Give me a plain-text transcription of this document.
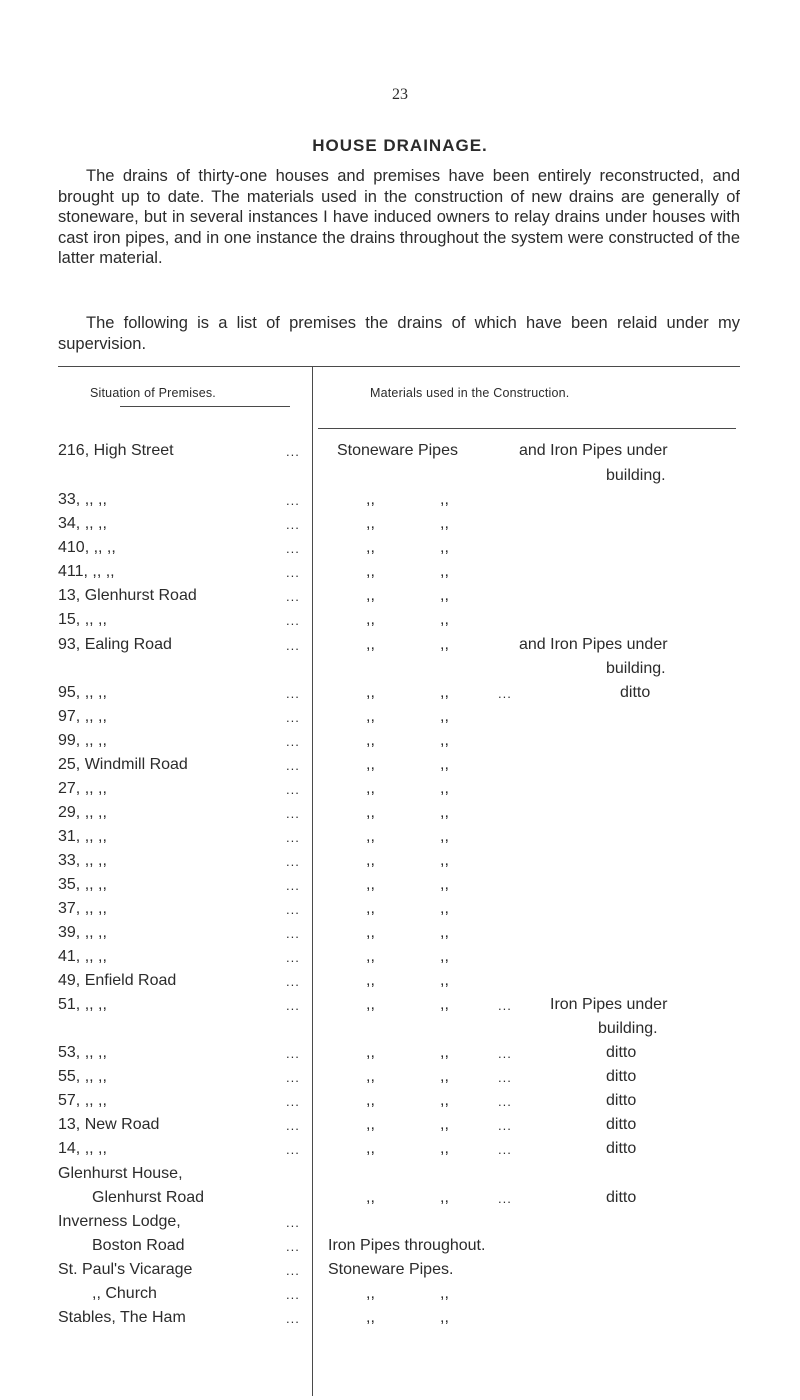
23
HOUSE DRAINAGE.

The drains of thirty-one houses and premises have been entirely reconstructed, and brought up to date. The materials used in the construction of new drains are generally of stoneware, but in several instances I have induced owners to relay drains under houses with cast iron pipes, and in one instance the drains throughout the system were constructed of the latter material.

The following is a list of premises the drains of which have been relaid under my supervision.

Situation of Premises.	Materials used in the Construction.
216, High Street	... Stoneware Pipes	and Iron Pipes under
building.
33, ,, ,,	...	,,	,,
34, ,, ,,	...	,,	,,
410, ,, ,,	...	,,	,,
411, ,, ,,	...	,,	,,
13, Glenhurst Road	...	,,	,,
15, ,, ,,	...	,,	,,
93, Ealing Road	...	,,	,,	and Iron Pipes under
building.
95, ,, ,,	...	,,	,,	...	ditto
97, ,, ,,	...	,,	,,
99, ,, ,,	...	,,	,,
25, Windmill Road	...	,,	,,
27, ,, ,,	...	,,	,,
29, ,, ,,	...	,,	,,
31, ,, ,,	...	,,	,,
33, ,, ,,	...	,,	,,
35, ,, ,,	...	,,	,,
37, ,, ,,	...	,,	,,
39, ,, ,,	...	,,	,,
41, ,, ,,	...	,,	,,
49, Enfield Road	...	,,	,,
51, ,, ,,	...	,,	,,	... Iron Pipes under
building.
53, ,, ,,	...	,,	,,	...	ditto
55, ,, ,,	...	,,	,,	...	ditto
57, ,, ,,	...	,,	,,	...	ditto
13, New Road	...	,,	,,	...	ditto
14, ,, ,,	...	,,	,,	...	ditto
Glenhurst House,
Glenhurst Road	,,	,,	...	ditto
Inverness Lodge,	...
Boston Road	... Iron Pipes throughout.
St. Paul's Vicarage	... Stoneware Pipes.
,, Church	...	,,	,,
Stables, The Ham	...	,,	,,
